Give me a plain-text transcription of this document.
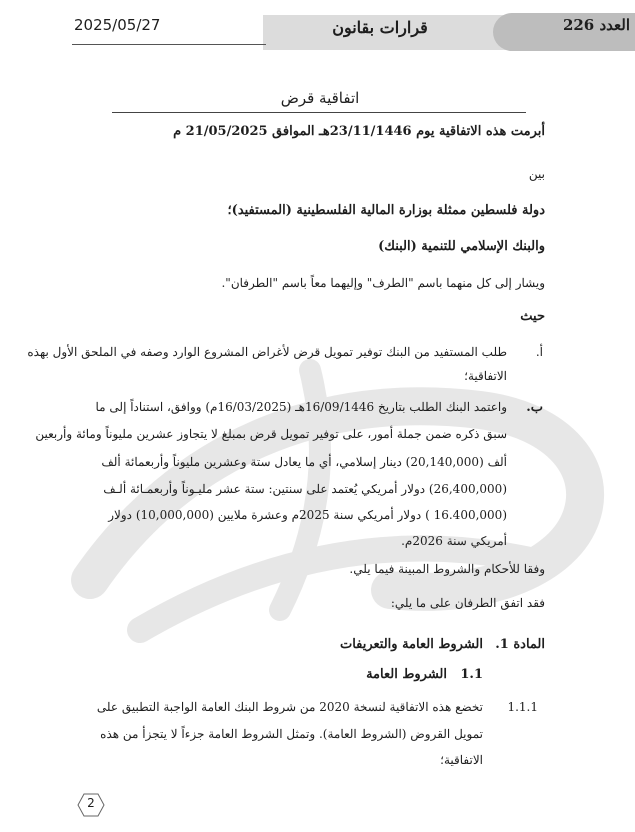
العدد 226
قرارات بقانون
2025/05/27
اتفاقية قرض
أبرمت هذه الاتفاقية يوم 23/11/1446هـ الموافق 21/05/2025 م
بين
دولة فلسطين ممثلة بوزارة المالية الفلسطينية (المستفيد)؛
والبنك الإسلامي للتنمية (البنك)
ويشار إلى كل منهما باسم "الطرف" وإليهما معاً باسم "الطرفان".
حيث
أ.
طلب المستفيد من البنك توفير تمويل قرض لأغراض المشروع الوارد وصفه في الملحق الأول بهذه
الاتفاقية؛
ب.
واعتمد البنك الطلب بتاريخ 16/09/1446هـ (16/03/2025م) ووافق، استناداً إلى ما
سبق ذكره ضمن جملة أمور، على توفير تمويل قرض بمبلغ لا يتجاوز عشرين مليوناً ومائة وأربعين
ألف (20,140,000) دينار إسلامي، أي ما يعادل ستة وعشرين مليوناً وأربعمائة ألف
(26,400,000) دولار أمريكي يُعتمد على سنتين: ستة عشر مليـوناً وأربعمـائة ألـف
(16.400,000 ) دولار أمريكي سنة 2025م وعشرة ملايين (10,000,000) دولار
أمريكي سنة 2026م.
وفقا للأحكام والشروط المبينة فيما يلي.
فقد اتفق الطرفان على ما يلي:
المادة 1.
الشروط العامة والتعريفات
1.1
الشروط العامة
1.1.1
تخضع هذه الاتفاقية لنسخة 2020 من شروط البنك العامة الواجبة التطبيق على
تمويل القروض (الشروط العامة). وتمثل الشروط العامة جزءاً لا يتجزأ من هذه
الاتفاقية؛
2
